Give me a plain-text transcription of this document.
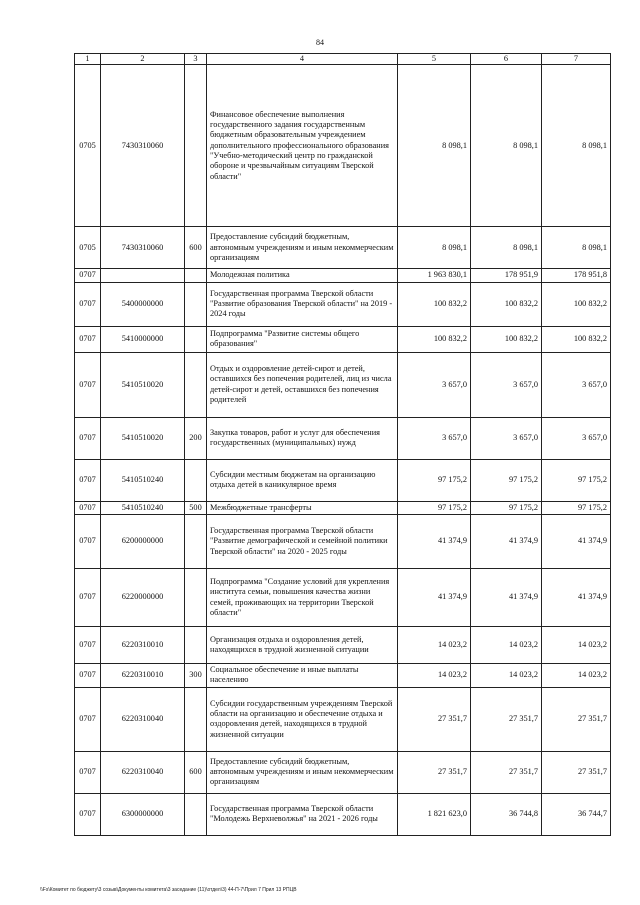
84
1	2	3	4	5	6	7
0705	7430310060		Финансовое обеспечение выполнения государственного задания государственным бюджетным образовательным учреждением дополнительного профессионального образования "Учебно-методический центр по гражданской обороне и чрезвычайным ситуациям Тверской области"	8 098,1	8 098,1	8 098,1
0705	7430310060	600	Предоставление субсидий бюджетным, автономным учреждениям и иным некоммерческим организациям	8 098,1	8 098,1	8 098,1
0707			Молодежная политика	1 963 830,1	178 951,9	178 951,8
0707	5400000000		Государственная программа Тверской области "Развитие образования Тверской области" на 2019 - 2024 годы	100 832,2	100 832,2	100 832,2
0707	5410000000		Подпрограмма "Развитие системы общего образования"	100 832,2	100 832,2	100 832,2
0707	5410510020		Отдых и оздоровление детей-сирот и детей, оставшихся без попечения родителей, лиц из числа детей-сирот и детей, оставшихся без попечения родителей	3 657,0	3 657,0	3 657,0
0707	5410510020	200	Закупка товаров, работ и услуг для обеспечения государственных (муниципальных) нужд	3 657,0	3 657,0	3 657,0
0707	5410510240		Субсидии местным бюджетам на организацию отдыха детей в каникулярное время	97 175,2	97 175,2	97 175,2
0707	5410510240	500	Межбюджетные трансферты	97 175,2	97 175,2	97 175,2
0707	6200000000		Государственная программа Тверской области "Развитие демографической и семейной политики Тверской области" на 2020 - 2025 годы	41 374,9	41 374,9	41 374,9
0707	6220000000		Подпрограмма "Создание условий для укрепления института семьи, повышения качества жизни семей, проживающих на территории Тверской области"	41 374,9	41 374,9	41 374,9
0707	6220310010		Организация отдыха и оздоровления детей, находящихся в трудной жизненной ситуации	14 023,2	14 023,2	14 023,2
0707	6220310010	300	Социальное обеспечение и иные выплаты населению	14 023,2	14 023,2	14 023,2
0707	6220310040		Субсидии государственным учреждениям Тверской области на организацию и обеспечение отдыха и оздоровления детей, находящихся в трудной жизненной ситуации	27 351,7	27 351,7	27 351,7
0707	6220310040	600	Предоставление субсидий бюджетным, автономным учреждениям и иным некоммерческим организациям	27 351,7	27 351,7	27 351,7
0707	6300000000		Государственная программа Тверской области "Молодежь Верхневолжья" на 2021 - 2026 годы	1 821 623,0	36 744,8	36 744,7
\\Fs\Комитет по бюджету\3 созыв\Документы комитета\3 заседание (11)\отдел\3) 44-П-7\Прил 7 Прил 13 РПЦВ
